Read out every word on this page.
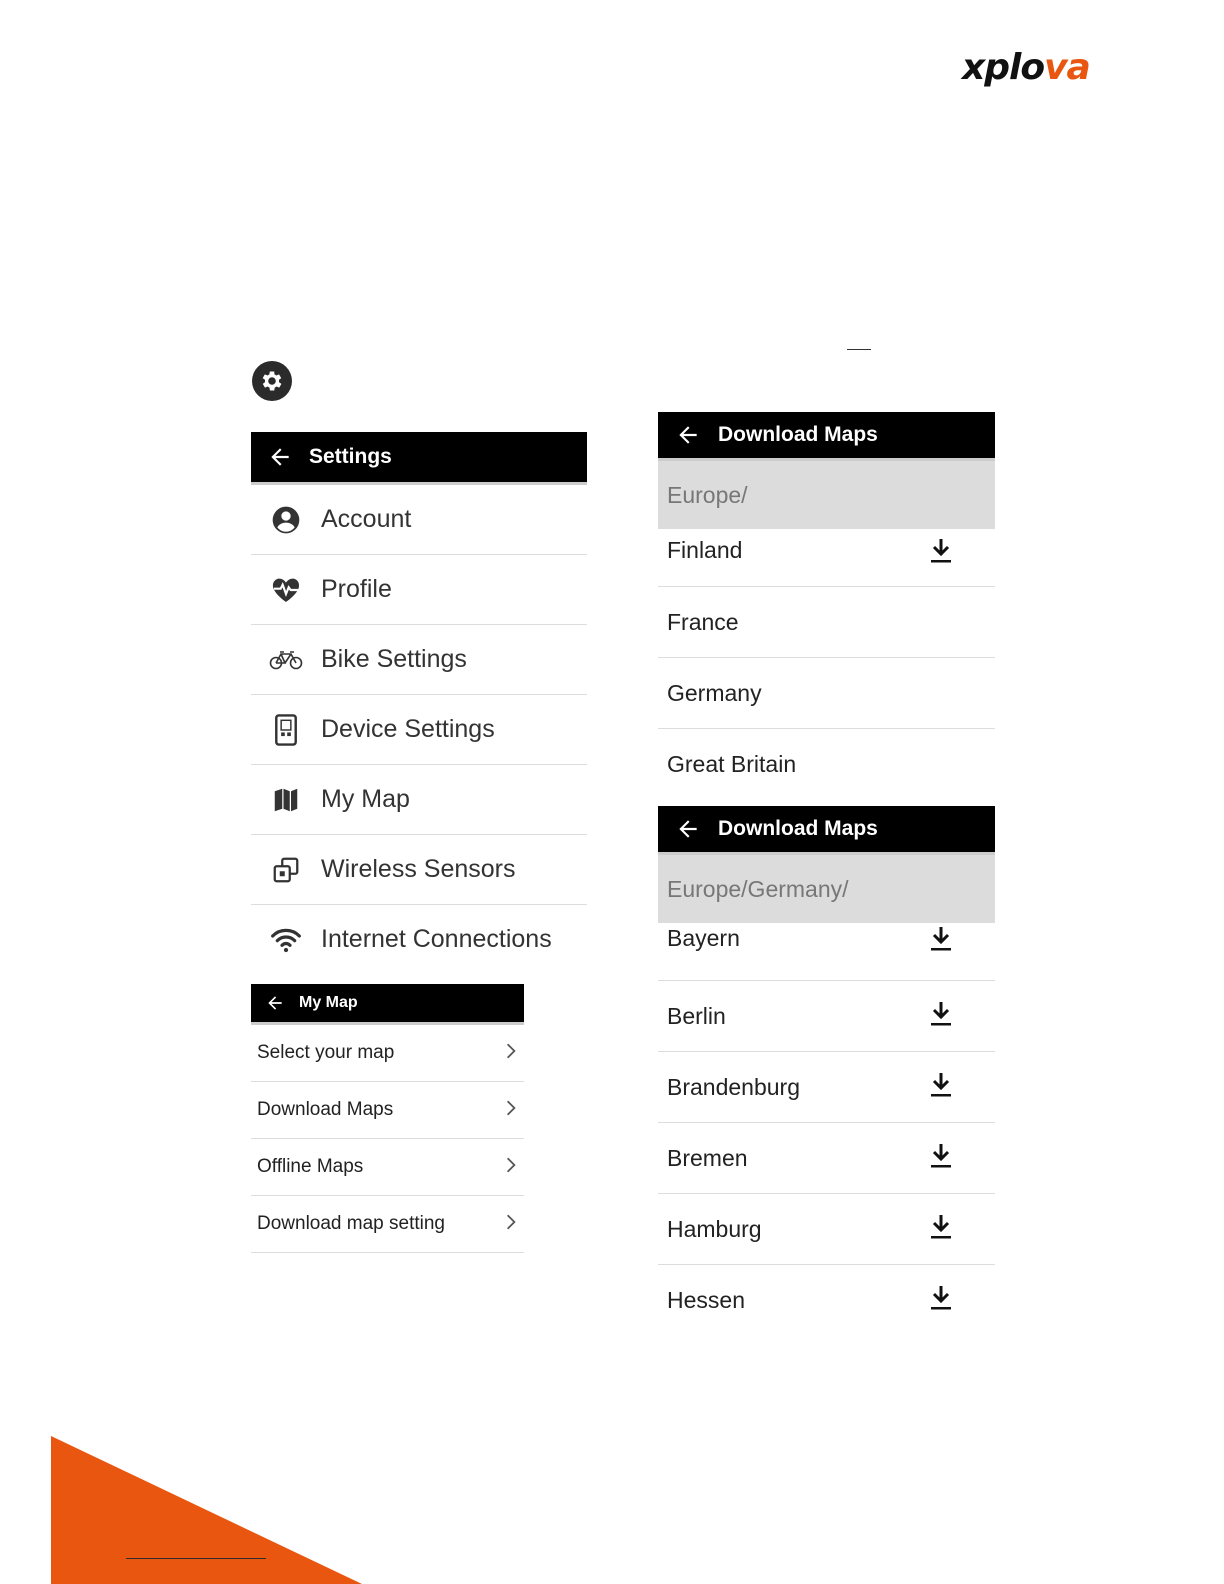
xplova
Settings
Account
Profile
Bike Settings
Device Settings
My Map
Wireless Sensors
Internet Connections
My Map
Select your map
Download Maps
Offline Maps
Download map setting
Download Maps
Europe/
Finland
France
Germany
Great Britain
Download Maps
Europe/Germany/
Bayern
Berlin
Brandenburg
Bremen
Hamburg
Hessen
